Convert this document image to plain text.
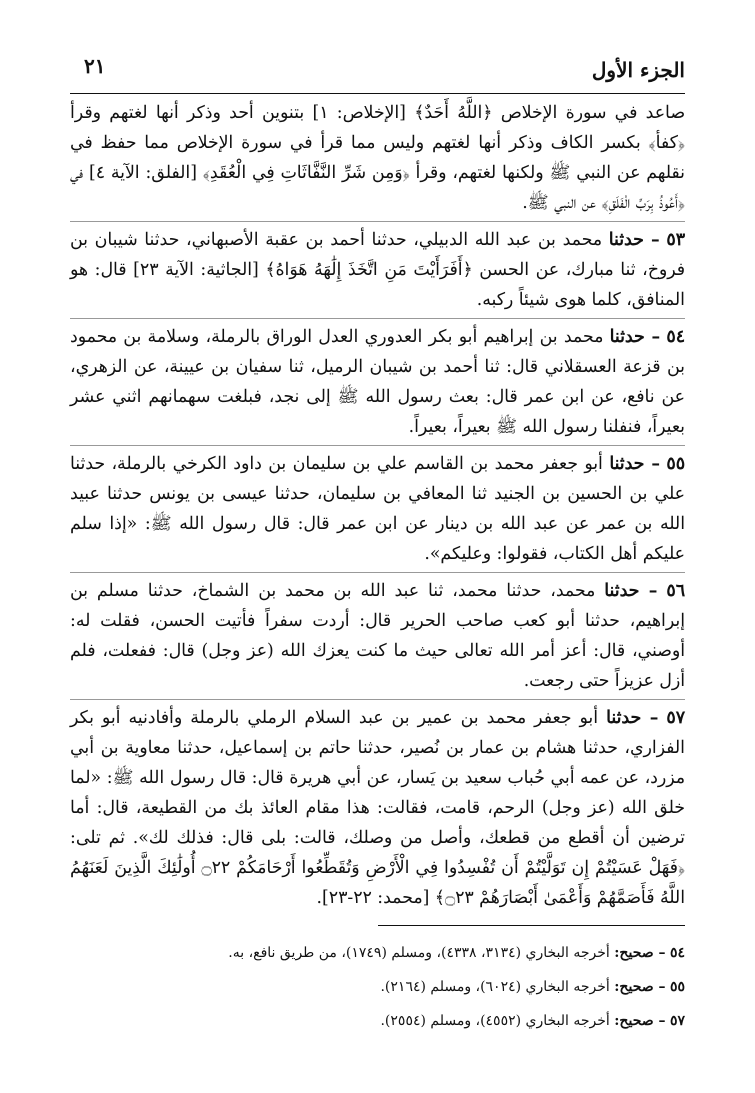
الجزء الأول
٢١

صاعد في سورة الإخلاص ﴿اللَّهُ أَحَدٌ﴾ [الإخلاص: ١] بتنوين أحد وذكر أنها لغتهم وقرأ ﴿كفأ﴾ بكسر الكاف وذكر أنها لغتهم وليس مما قرأ في سورة الإخلاص مما حفظ في نقلهم عن النبي ﷺ ولكنها لغتهم، وقرأ ﴿وَمِن شَرِّ النَّفَّاثَاتِ فِي الْعُقَدِ﴾ [الفلق: الآية ٤] في ﴿أَعُوذُ بِرَبِّ الْفَلَقِ﴾ عن النبي ﷺ.

٥٣ – حدثنا محمد بن عبد الله الدبيلي، حدثنا أحمد بن عقبة الأصبهاني، حدثنا شيبان بن فروخ، ثنا مبارك، عن الحسن ﴿أَفَرَأَيْتَ مَنِ اتَّخَذَ إِلَٰهَهُ هَوَاهُ﴾ [الجاثية: الآية ٢٣] قال: هو المنافق، كلما هوى شيئاً ركبه.

٥٤ – حدثنا محمد بن إبراهيم أبو بكر العدوري العدل الوراق بالرملة، وسلامة بن محمود بن قزعة العسقلاني قال: ثنا أحمد بن شيبان الرميل، ثنا سفيان بن عيينة، عن الزهري، عن نافع، عن ابن عمر قال: بعث رسول الله ﷺ إلى نجد، فبلغت سهمانهم اثني عشر بعيراً، فنفلنا رسول الله ﷺ بعيراً، بعيراً.

٥٥ – حدثنا أبو جعفر محمد بن القاسم علي بن سليمان بن داود الكرخي بالرملة، حدثنا علي بن الحسين بن الجنيد ثنا المعافي بن سليمان، حدثنا عيسى بن يونس حدثنا عبيد الله بن عمر عن عبد الله بن دينار عن ابن عمر قال: قال رسول الله ﷺ: «إذا سلم عليكم أهل الكتاب، فقولوا: وعليكم».

٥٦ – حدثنا محمد، حدثنا محمد، ثنا عبد الله بن محمد بن الشماخ، حدثنا مسلم بن إبراهيم، حدثنا أبو كعب صاحب الحرير قال: أردت سفراً فأتيت الحسن، فقلت له: أوصني، قال: أعز أمر الله تعالى حيث ما كنت يعزك الله (عز وجل) قال: ففعلت، فلم أزل عزيزاً حتى رجعت.

٥٧ – حدثنا أبو جعفر محمد بن عمير بن عبد السلام الرملي بالرملة وأفادنيه أبو بكر الفزاري، حدثنا هشام بن عمار بن نُصير، حدثنا حاتم بن إسماعيل، حدثنا معاوية بن أبي مزرد، عن عمه أبي حُباب سعيد بن يَسار، عن أبي هريرة قال: قال رسول الله ﷺ: «لما خلق الله (عز وجل) الرحم، قامت، فقالت: هذا مقام العائذ بك من القطيعة، قال: أما ترضين أن أقطع من قطعك، وأصل من وصلك، قالت: بلى قال: فذلك لك». ثم تلى: ﴿فَهَلْ عَسَيْتُمْ إِن تَوَلَّيْتُمْ أَن تُفْسِدُوا فِي الْأَرْضِ وَتُقَطِّعُوا أَرْحَامَكُمْ ۝٢٢ أُولَٰئِكَ الَّذِينَ لَعَنَهُمُ اللَّهُ فَأَصَمَّهُمْ وَأَعْمَىٰ أَبْصَارَهُمْ ۝٢٣﴾ [محمد: ٢٢-٢٣].

٥٤ – صحيح: أخرجه البخاري (٣١٣٤، ٤٣٣٨)، ومسلم (١٧٤٩)، من طريق نافع، به.
٥٥ – صحيح: أخرجه البخاري (٦٠٢٤)، ومسلم (٢١٦٤).
٥٧ – صحيح: أخرجه البخاري (٤٥٥٢)، ومسلم (٢٥٥٤).
